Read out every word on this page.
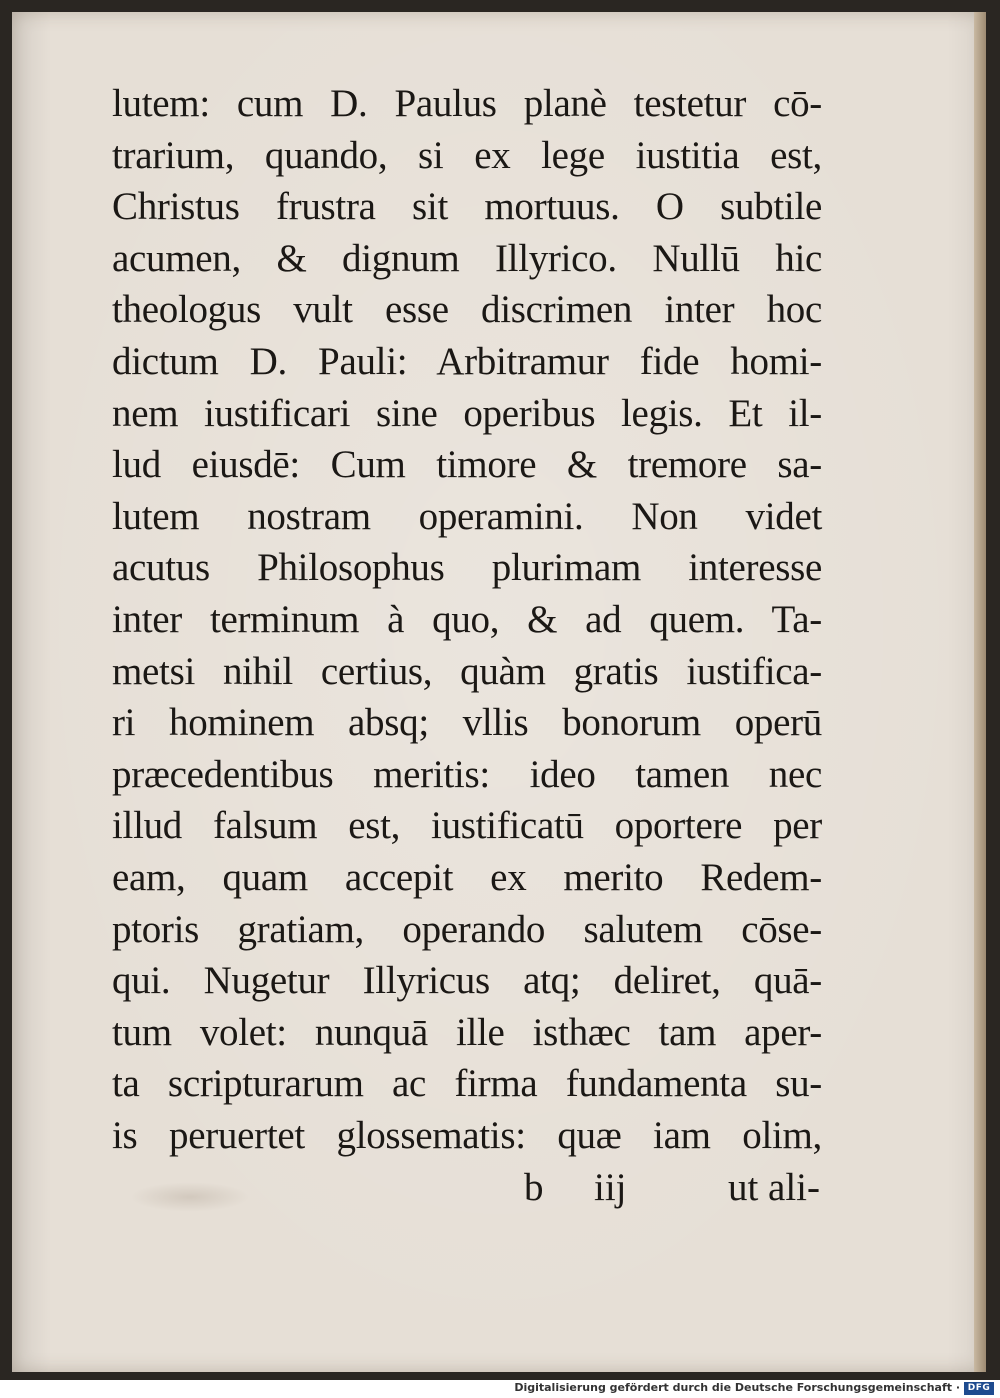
lutem: cum D. Paulus planè testetur cō-
trarium, quando, si ex lege iustitia est,
Christus frustra sit mortuus. O subtile
acumen, & dignum Illyrico. Nullū hic
theologus vult esse discrimen inter hoc
dictum D. Pauli: Arbitramur fide homi-
nem iustificari sine operibus legis. Et il-
lud eiusdē: Cum timore & tremore sa-
lutem nostram operamini. Non videt
acutus Philosophus plurimam interesse
inter terminum à quo, & ad quem. Ta-
metsi nihil certius, quàm gratis iustifica-
ri hominem absq; vllis bonorum operū
præcedentibus meritis: ideo tamen nec
illud falsum est, iustificatū oportere per
eam, quam accepit ex merito Redem-
ptoris gratiam, operando salutem cōse-
qui. Nugetur Illyricus atq; deliret, quā-
tum volet: nunquā ille isthæc tam aper-
ta scripturarum ac firma fundamenta su-
is peruertet glossematis: quæ iam olim,
b iij	ut ali-
Digitalisierung gefördert durch die Deutsche Forschungsgemeinschaft · DFG
